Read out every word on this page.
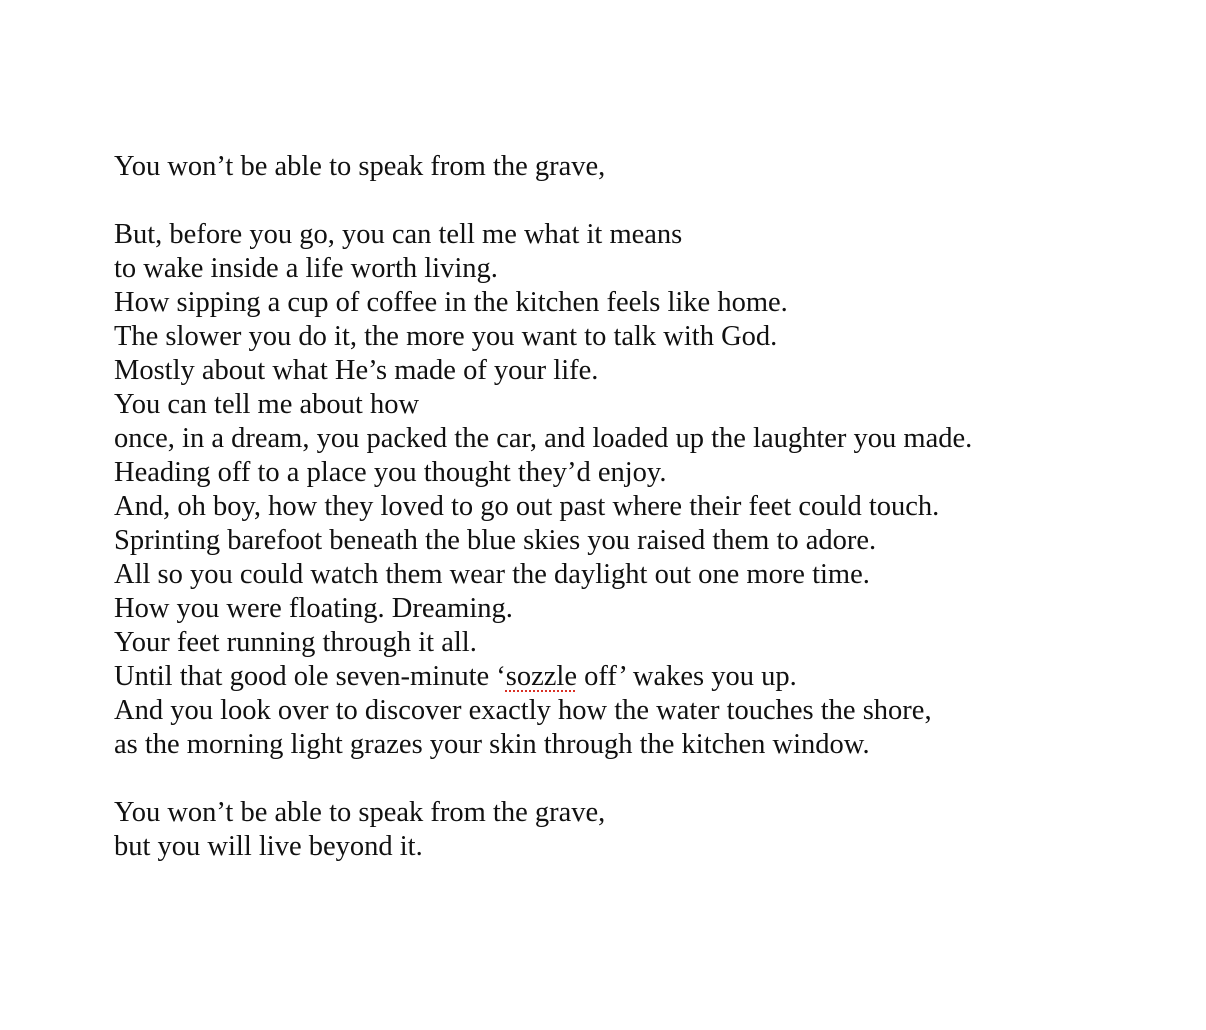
You won’t be able to speak from the grave,
But, before you go, you can tell me what it means
to wake inside a life worth living.
How sipping a cup of coffee in the kitchen feels like home.
The slower you do it, the more you want to talk with God.
Mostly about what He’s made of your life.
You can tell me about how
once, in a dream, you packed the car, and loaded up the laughter you made.
Heading off to a place you thought they’d enjoy.
And, oh boy, how they loved to go out past where their feet could touch.
Sprinting barefoot beneath the blue skies you raised them to adore.
All so you could watch them wear the daylight out one more time.
How you were floating. Dreaming.
Your feet running through it all.
Until that good ole seven-minute ‘sozzle off’ wakes you up.
And you look over to discover exactly how the water touches the shore,
as the morning light grazes your skin through the kitchen window.
You won’t be able to speak from the grave,
but you will live beyond it.
